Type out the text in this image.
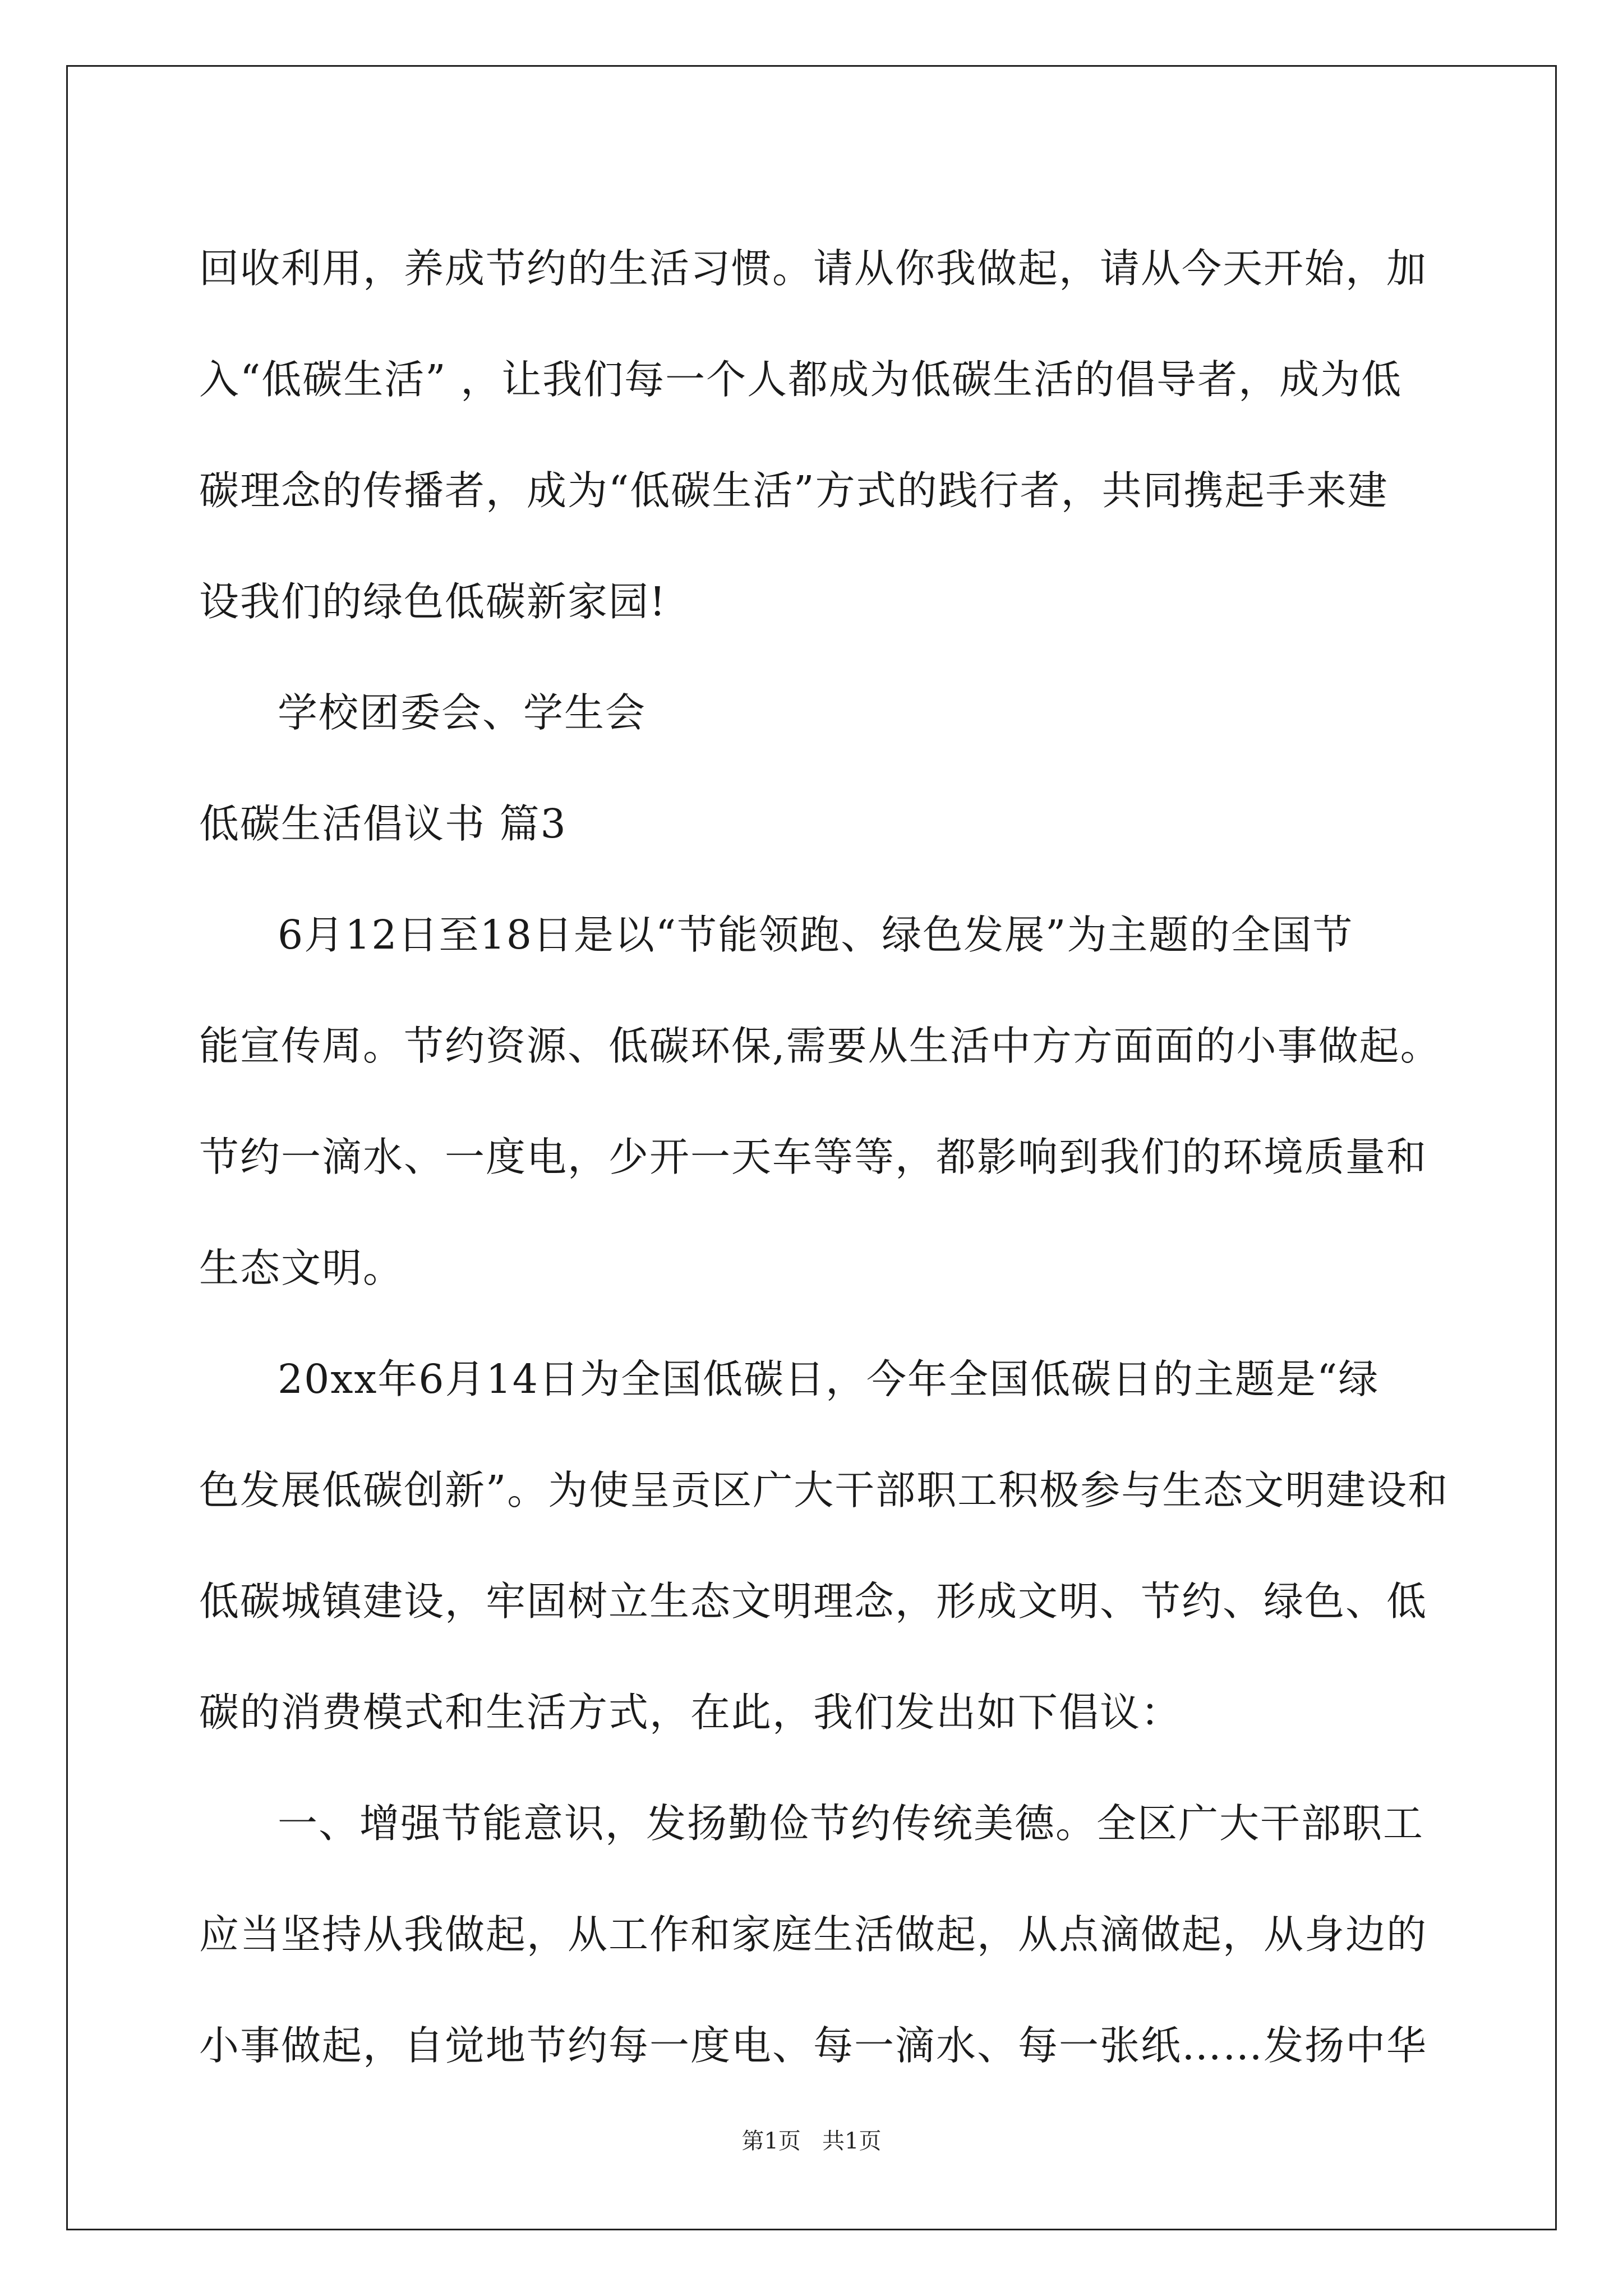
回收利用，养成节约的生活习惯。请从你我做起，请从今天开始，加
入“低碳生活” ，让我们每一个人都成为低碳生活的倡导者，成为低
碳理念的传播者，成为“低碳生活”方式的践行者，共同携起手来建
设我们的绿色低碳新家园!
学校团委会、学生会
低碳生活倡议书 篇3
6月12日至18日是以“节能领跑、绿色发展”为主题的全国节
能宣传周。节约资源、低碳环保,需要从生活中方方面面的小事做起。
节约一滴水、一度电，少开一天车等等，都影响到我们的环境质量和
生态文明。
20xx年6月14日为全国低碳日，今年全国低碳日的主题是“绿
色发展低碳创新”。为使呈贡区广大干部职工积极参与生态文明建设和
低碳城镇建设，牢固树立生态文明理念，形成文明、节约、绿色、低
碳的消费模式和生活方式，在此，我们发出如下倡议：
一、增强节能意识，发扬勤俭节约传统美德。全区广大干部职工
应当坚持从我做起，从工作和家庭生活做起，从点滴做起，从身边的
小事做起，自觉地节约每一度电、每一滴水、每一张纸……发扬中华
第1页   共1页
